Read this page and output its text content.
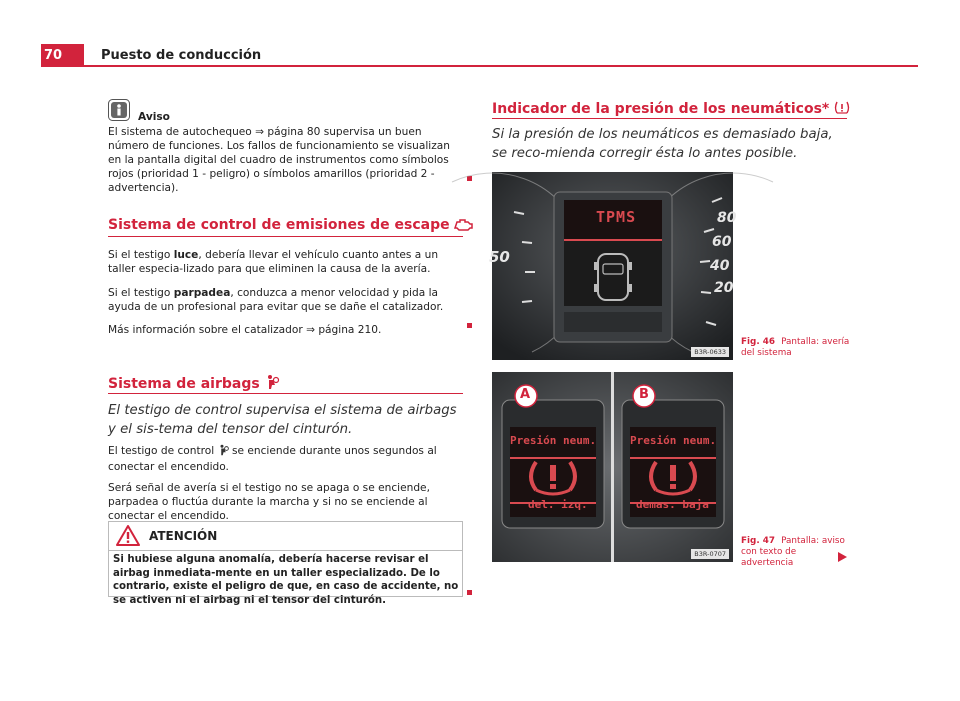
70	Puesto de conducción
Aviso
El sistema de autochequeo ⇒ página 80 supervisa un buen número de funciones. Los fallos de funcionamiento se visualizan en la pantalla digital del cuadro de instrumentos como símbolos rojos (prioridad 1 - peligro) o símbolos amarillos (prioridad 2 - advertencia).
Sistema de control de emisiones de escape
Si el testigo luce, debería llevar el vehículo cuanto antes a un taller especia-lizado para que eliminen la causa de la avería.
Si el testigo parpadea, conduzca a menor velocidad y pida la ayuda de un profesional para evitar que se dañe el catalizador.
Más información sobre el catalizador ⇒ página 210.
Sistema de airbags
El testigo de control supervisa el sistema de airbags y el sis-tema del tensor del cinturón.
El testigo de control se enciende durante unos segundos al conectar el encendido.
Será señal de avería si el testigo no se apaga o se enciende, parpadea o fluctúa durante la marcha y si no se enciende al conectar el encendido.
ATENCIÓN
Si hubiese alguna anomalía, debería hacerse revisar el airbag inmediata-mente en un taller especializado. De lo contrario, existe el peligro de que, en caso de accidente, no se activen ni el airbag ni el tensor del cinturón.
Indicador de la presión de los neumáticos*
Si la presión de los neumáticos es demasiado baja, se reco-mienda corregir ésta lo antes posible.
TPMS
50
80
60
40
20
B3R-0633
Fig. 46 Pantalla: avería del sistema
A	B
Presión neum.
del. izq.
Presión neum.
demas. baja
B3R-0707
Fig. 47 Pantalla: aviso con texto de advertencia
